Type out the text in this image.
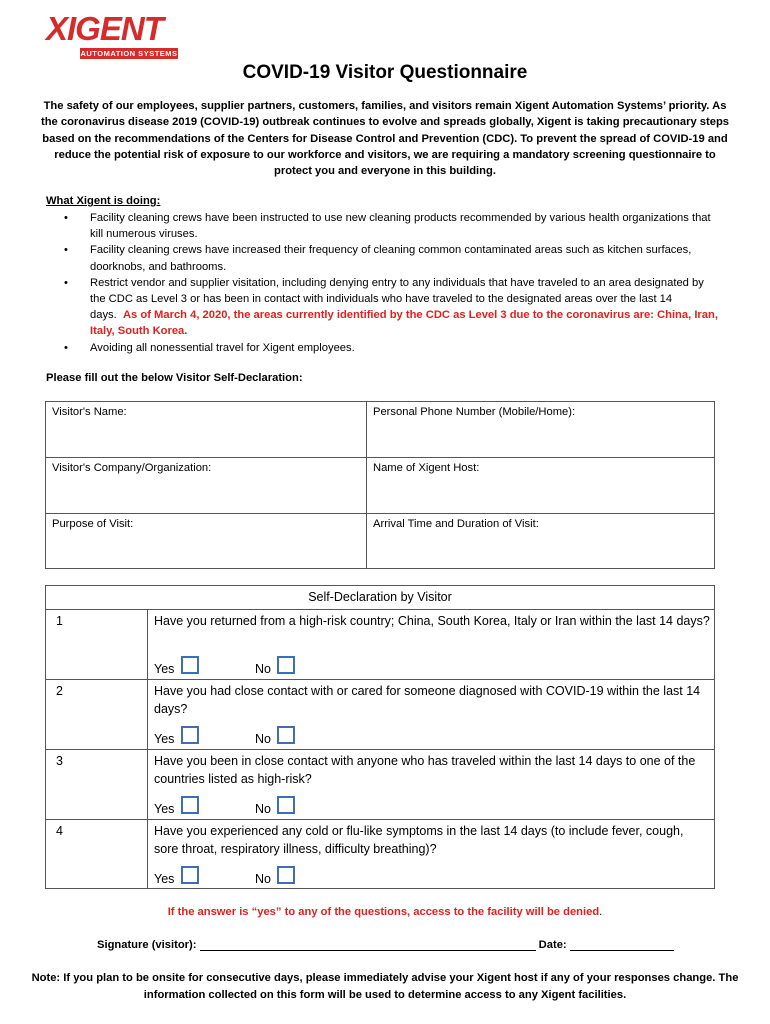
XIGENT
AUTOMATION SYSTEMS
COVID-19 Visitor Questionnaire
The safety of our employees, supplier partners, customers, families, and visitors remain Xigent Automation Systems’ priority. As the coronavirus disease 2019 (COVID-19) outbreak continues to evolve and spreads globally, Xigent is taking precautionary steps based on the recommendations of the Centers for Disease Control and Prevention (CDC). To prevent the spread of COVID-19 and reduce the potential risk of exposure to our workforce and visitors, we are requiring a mandatory screening questionnaire to protect you and everyone in this building.
What Xigent is doing:
• Facility cleaning crews have been instructed to use new cleaning products recommended by various health organizations that kill numerous viruses.
• Facility cleaning crews have increased their frequency of cleaning common contaminated areas such as kitchen surfaces, doorknobs, and bathrooms.
• Restrict vendor and supplier visitation, including denying entry to any individuals that have traveled to an area designated by the CDC as Level 3 or has been in contact with individuals who have traveled to the designated areas over the last 14 days. As of March 4, 2020, the areas currently identified by the CDC as Level 3 due to the coronavirus are: China, Iran, Italy, South Korea.
• Avoiding all nonessential travel for Xigent employees.
Please fill out the below Visitor Self-Declaration:
Visitor's Name:	Personal Phone Number (Mobile/Home):
Visitor's Company/Organization:	Name of Xigent Host:
Purpose of Visit:	Arrival Time and Duration of Visit:
Self-Declaration by Visitor
1	Have you returned from a high-risk country; China, South Korea, Italy or Iran within the last 14 days?
Yes	No
2	Have you had close contact with or cared for someone diagnosed with COVID-19 within the last 14 days?
Yes	No
3	Have you been in close contact with anyone who has traveled within the last 14 days to one of the countries listed as high-risk?
Yes	No
4	Have you experienced any cold or flu-like symptoms in the last 14 days (to include fever, cough, sore throat, respiratory illness, difficulty breathing)?
Yes	No
If the answer is “yes” to any of the questions, access to the facility will be denied.
Signature (visitor):	Date:
Note: If you plan to be onsite for consecutive days, please immediately advise your Xigent host if any of your responses change. The information collected on this form will be used to determine access to any Xigent facilities.
